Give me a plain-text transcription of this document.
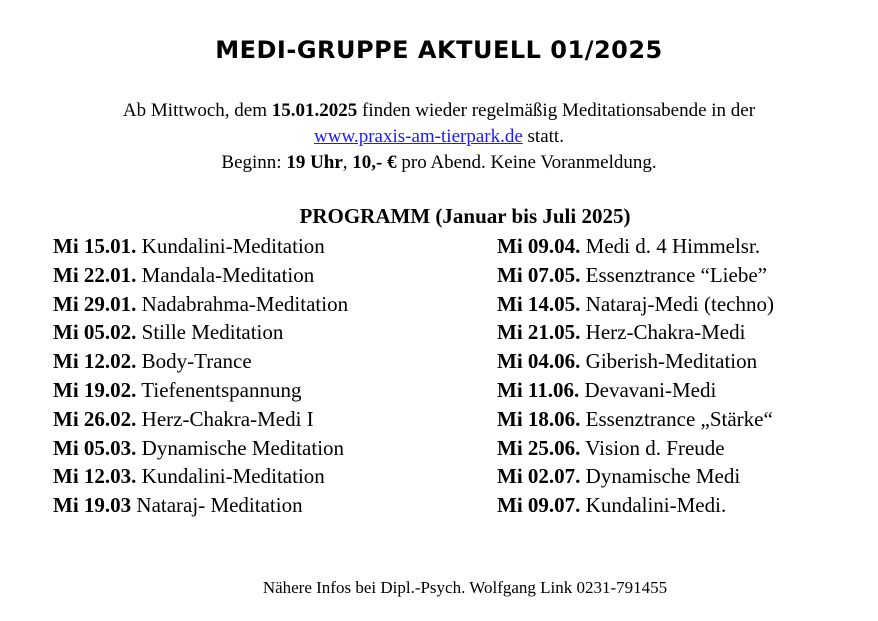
MEDI-GRUPPE AKTUELL 01/2025
Ab Mittwoch, dem 15.01.2025 finden wieder regelmäßig Meditationsabende in der
www.praxis-am-tierpark.de statt.
Beginn: 19 Uhr, 10,- € pro Abend. Keine Voranmeldung.
PROGRAMM (Januar bis Juli 2025)
Mi 15.01. Kundalini-Meditation
Mi 22.01. Mandala-Meditation
Mi 29.01. Nadabrahma-Meditation
Mi 05.02. Stille Meditation
Mi 12.02. Body-Trance
Mi 19.02. Tiefenentspannung
Mi 26.02. Herz-Chakra-Medi I
Mi 05.03. Dynamische Meditation
Mi 12.03. Kundalini-Meditation
Mi 19.03 Nataraj- Meditation
Mi 09.04. Medi d. 4 Himmelsr.
Mi 07.05. Essenztrance “Liebe”
Mi 14.05. Nataraj-Medi (techno)
Mi 21.05. Herz-Chakra-Medi
Mi 04.06. Giberish-Meditation
Mi 11.06. Devavani-Medi
Mi 18.06. Essenztrance „Stärke“
Mi 25.06. Vision d. Freude
Mi 02.07. Dynamische Medi
Mi 09.07. Kundalini-Medi.
Nähere Infos bei Dipl.-Psych. Wolfgang Link 0231-791455
